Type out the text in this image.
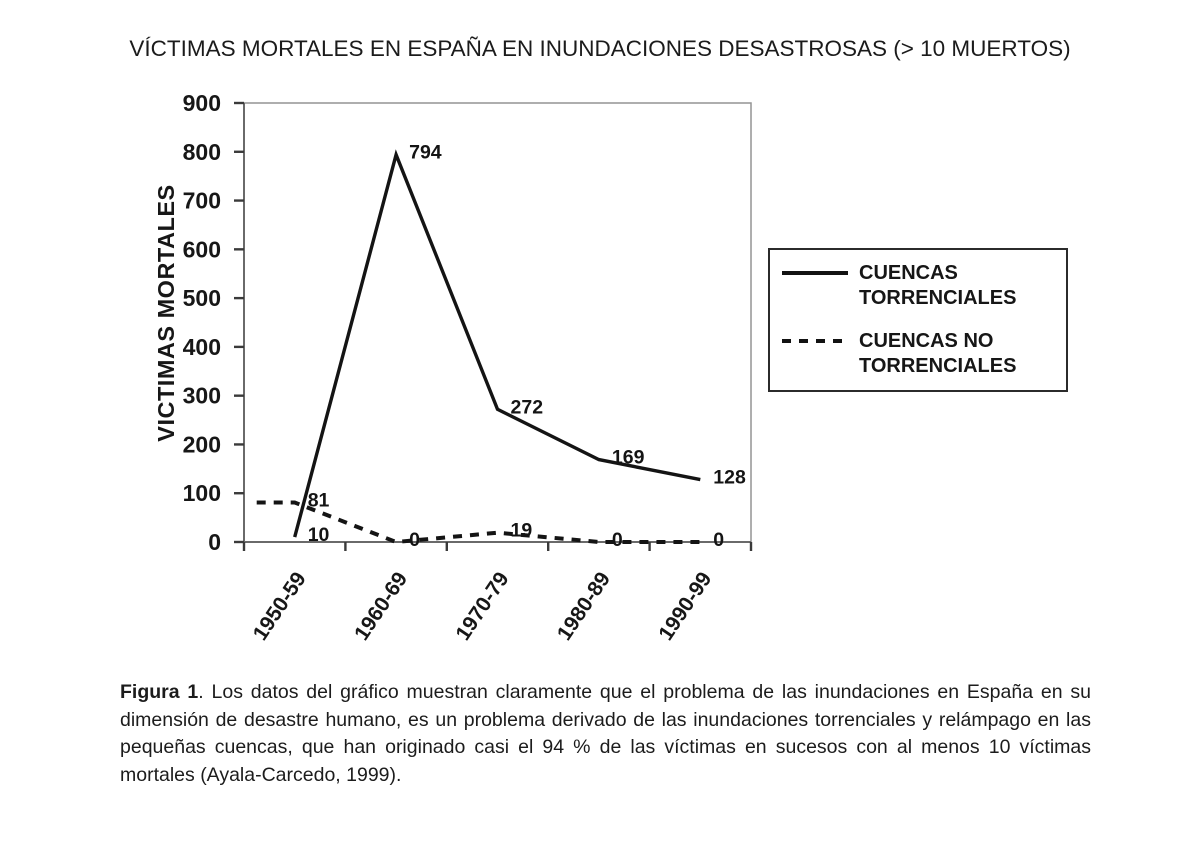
VÍCTIMAS MORTALES EN ESPAÑA EN INUNDACIONES DESASTROSAS (> 10 MUERTOS)
0
100
200
300
400
500
600
700
800
900
1950-59 1960-69 1970-79 1980-89 1990-99
VICTIMAS MORTALES
10
794
272
169
128
81
0	19	0	0
CUENCAS TORRENCIALES
CUENCAS NO TORRENCIALES
Figura 1. Los datos del gráfico muestran claramente que el problema de las inundaciones en España en su dimensión de desastre humano, es un problema derivado de las inundaciones torrenciales y relámpago en las pequeñas cuencas, que han originado casi el 94 % de las víctimas en sucesos con al menos 10 víctimas mortales (Ayala-Carcedo, 1999).
